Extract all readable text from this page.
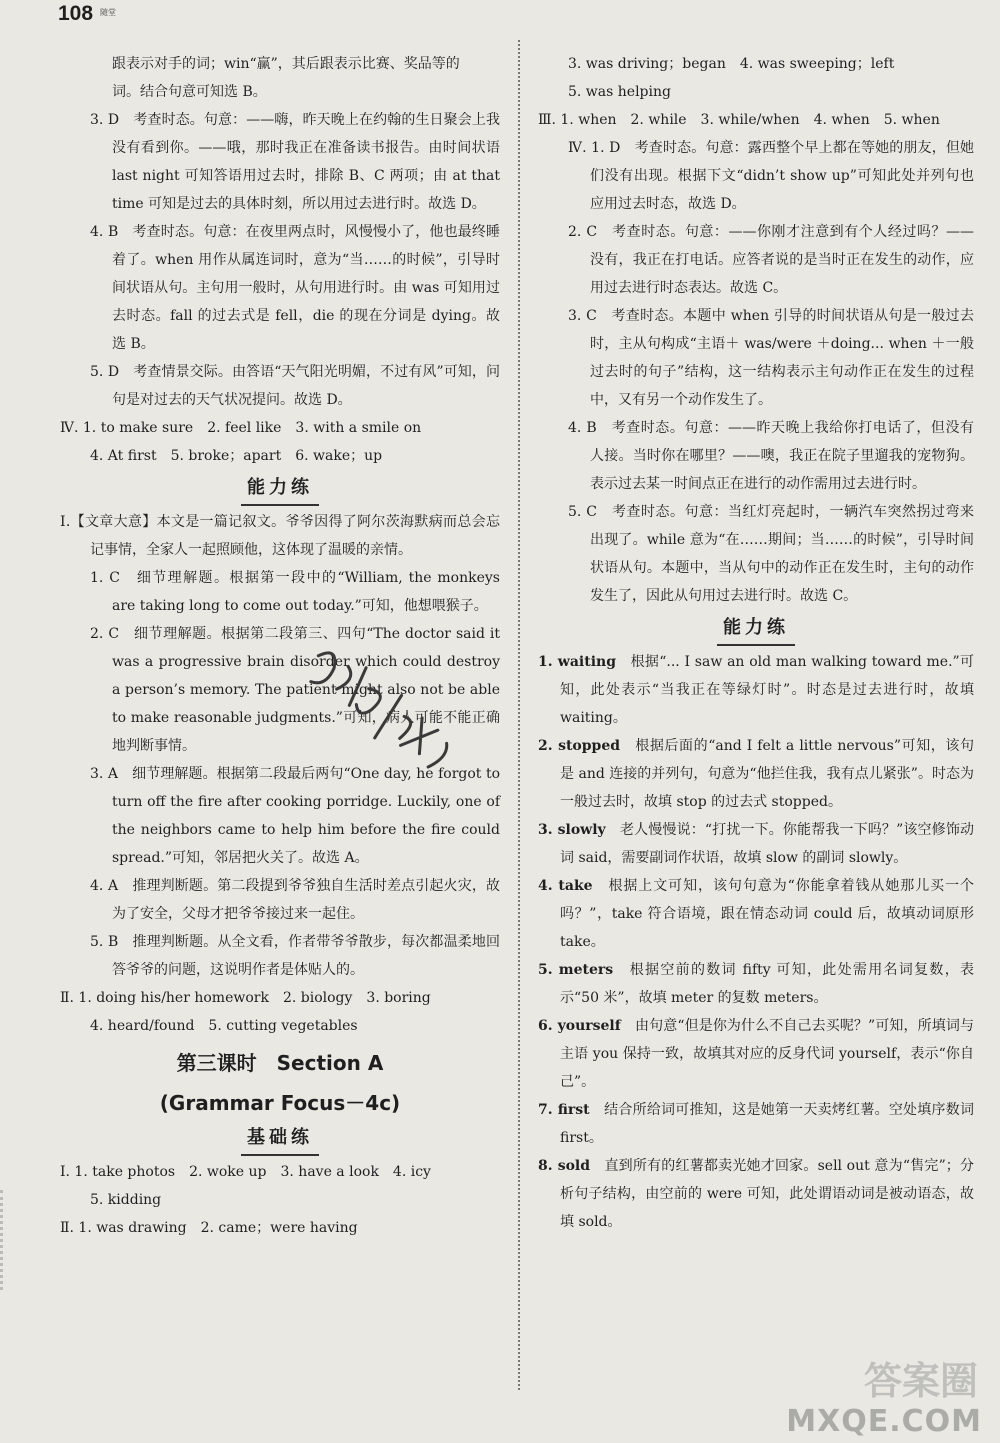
108 随堂

跟表示对手的词；win“赢”，其后跟表示比赛、奖品等的

词。结合句意可知选 B。

3. D　考查时态。句意：——嗨，昨天晚上在约翰的生日聚会上我没有看到你。——哦，那时我正在准备读书报告。由时间状语 last night 可知答语用过去时，排除 B、C 两项；由 at that time 可知是过去的具体时刻，所以用过去进行时。故选 D。

4. B　考查时态。句意：在夜里两点时，风慢慢小了，他也最终睡着了。when 用作从属连词时，意为“当……的时候”，引导时间状语从句。主句用一般时，从句用进行时。由 was 可知用过去时态。fall 的过去式是 fell，die 的现在分词是 dying。故选 B。

5. D　考查情景交际。由答语“天气阳光明媚，不过有风”可知，问句是对过去的天气状况提问。故选 D。

Ⅳ. 1. to make sure　2. feel like　3. with a smile on

4. At first　5. broke；apart　6. wake；up

能力练

Ⅰ.【文章大意】本文是一篇记叙文。爷爷因得了阿尔茨海默病而总会忘记事情，全家人一起照顾他，这体现了温暖的亲情。

1. C　细节理解题。根据第一段中的“William, the monkeys are taking long to come out today.”可知，他想喂猴子。

2. C　细节理解题。根据第二段第三、四句“The doctor said it was a progressive brain disorder which could destroy a person’s memory. The patient might also not be able to make reasonable judgments.”可知，病人可能不能正确地判断事情。

3. A　细节理解题。根据第二段最后两句“One day, he forgot to turn off the fire after cooking porridge. Luckily, one of the neighbors came to help him before the fire could spread.”可知，邻居把火关了。故选 A。

4. A　推理判断题。第二段提到爷爷独自生活时差点引起火灾，故为了安全，父母才把爷爷接过来一起住。

5. B　推理判断题。从全文看，作者带爷爷散步，每次都温柔地回答爷爷的问题，这说明作者是体贴人的。

Ⅱ. 1. doing his/her homework　2. biology　3. boring

4. heard/found　5. cutting vegetables

第三课时　Section A
(Grammar Focus－4c)
基础练

Ⅰ. 1. take photos　2. woke up　3. have a look　4. icy

5. kidding

Ⅱ. 1. was drawing　2. came；were having

3. was driving；began　4. was sweeping；left

5. was helping

Ⅲ. 1. when　2. while　3. while/when　4. when　5. when

Ⅳ. 1. D　考查时态。句意：露西整个早上都在等她的朋友，但她们没有出现。根据下文“didn’t show up”可知此处并列句也应用过去时态，故选 D。

2. C　考查时态。句意：——你刚才注意到有个人经过吗？——没有，我正在打电话。应答者说的是当时正在发生的动作，应用过去进行时态表达。故选 C。

3. C　考查时态。本题中 when 引导的时间状语从句是一般过去时，主从句构成“主语＋ was/were ＋doing... when ＋一般过去时的句子”结构，这一结构表示主句动作正在发生的过程中，又有另一个动作发生了。

4. B　考查时态。句意：——昨天晚上我给你打电话了，但没有人接。当时你在哪里？——噢，我正在院子里遛我的宠物狗。表示过去某一时间点正在进行的动作需用过去进行时。

5. C　考查时态。句意：当红灯亮起时，一辆汽车突然拐过弯来出现了。while 意为“在……期间；当……的时候”，引导时间状语从句。本题中，当从句中的动作正在发生时，主句的动作发生了，因此从句用过去进行时。故选 C。

能力练

1. waiting　根据“... I saw an old man walking toward me.”可知，此处表示“当我正在等绿灯时”。时态是过去进行时，故填 waiting。

2. stopped　根据后面的“and I felt a little nervous”可知，该句是 and 连接的并列句，句意为“他拦住我，我有点儿紧张”。时态为一般过去时，故填 stop 的过去式 stopped。

3. slowly　老人慢慢说：“打扰一下。你能帮我一下吗？”该空修饰动词 said，需要副词作状语，故填 slow 的副词 slowly。

4. take　根据上文可知，该句句意为“你能拿着钱从她那儿买一个吗？”，take 符合语境，跟在情态动词 could 后，故填动词原形 take。

5. meters　根据空前的数词 fifty 可知，此处需用名词复数，表示“50 米”，故填 meter 的复数 meters。

6. yourself　由句意“但是你为什么不自己去买呢？”可知，所填词与主语 you 保持一致，故填其对应的反身代词 yourself，表示“你自己”。

7. first　结合所给词可推知，这是她第一天卖烤红薯。空处填序数词 first。

8. sold　直到所有的红薯都卖光她才回家。sell out 意为“售完”；分析句子结构，由空前的 were 可知，此处谓语动词是被动语态，故填 sold。

答案圈
MXQE.COM
